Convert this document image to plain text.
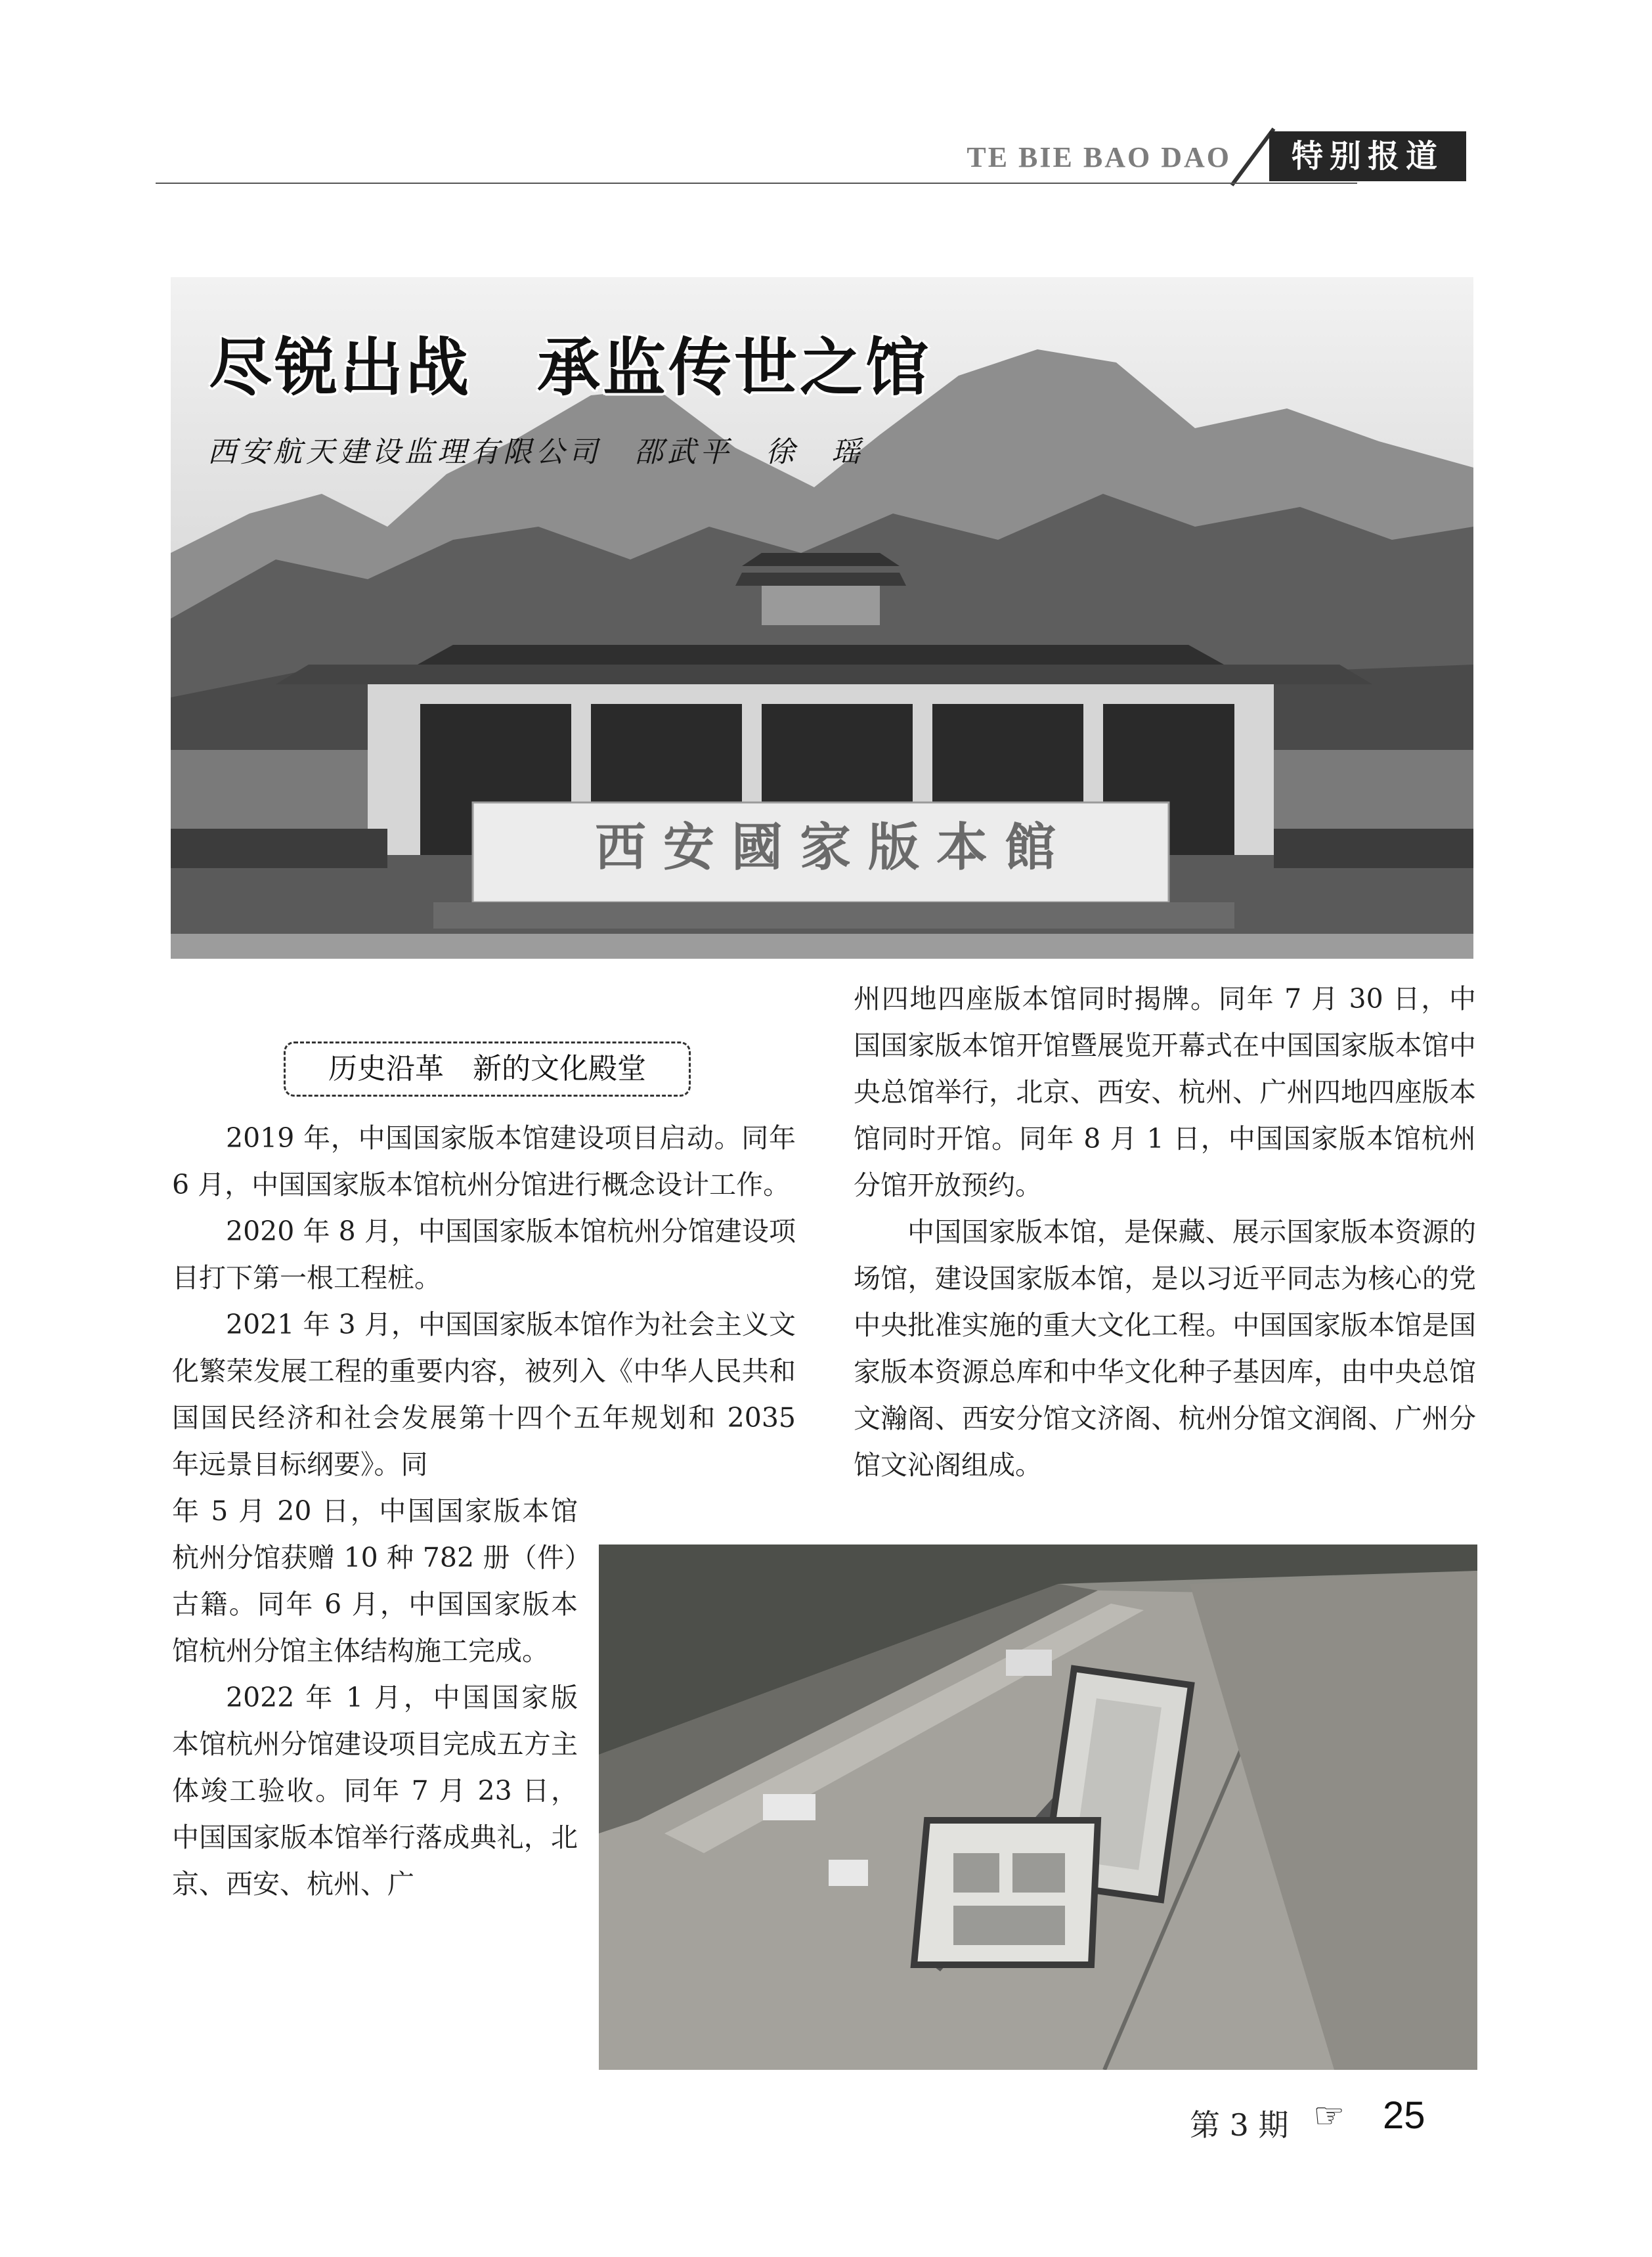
TE BIE BAO DAO	特别报道
尽锐出战　承监传世之馆
西安航天建设监理有限公司　邵武平　徐　瑶
西安國家版本館
历史沿革　新的文化殿堂

2019 年，中国国家版本馆建设项目启动。同年 6 月，中国国家版本馆杭州分馆进行概念设计工作。

2020 年 8 月，中国国家版本馆杭州分馆建设项目打下第一根工程桩。

2021 年 3 月，中国国家版本馆作为社会主义文化繁荣发展工程的重要内容，被列入《中华人民共和国国民经济和社会发展第十四个五年规划和 2035 年远景目标纲要》。同

年 5 月 20 日，中国国家版本馆杭州分馆获赠 10 种 782 册（件）古籍。同年 6 月，中国国家版本馆杭州分馆主体结构施工完成。

2022 年 1 月，中国国家版本馆杭州分馆建设项目完成五方主体竣工验收。同年 7 月 23 日，中国国家版本馆举行落成典礼，北京、西安、杭州、广

州四地四座版本馆同时揭牌。同年 7 月 30 日，中国国家版本馆开馆暨展览开幕式在中国国家版本馆中央总馆举行，北京、西安、杭州、广州四地四座版本馆同时开馆。同年 8 月 1 日，中国国家版本馆杭州分馆开放预约。

中国国家版本馆，是保藏、展示国家版本资源的场馆，建设国家版本馆，是以习近平同志为核心的党中央批准实施的重大文化工程。中国国家版本馆是国家版本资源总库和中华文化种子基因库，由中央总馆文瀚阁、西安分馆文济阁、杭州分馆文润阁、广州分馆文沁阁组成。

第 3 期 ☞ 25
